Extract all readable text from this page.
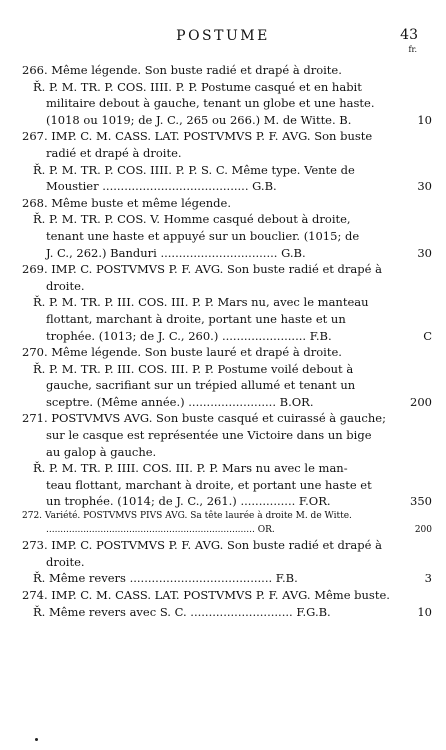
POSTUME	43
fr.
266. Même légende. Son buste radié et drapé à droite.
Ř. P. M. TR. P. COS. IIII. P. P. Postume casqué et en habit
militaire debout à gauche, tenant un globe et une haste.
(1018 ou 1019; de J. C., 265 ou 266.) M. de Witte. B.	10
267. IMP. C. M. CASS. LAT. POSTVMVS P. F. AVG. Son buste
radié et drapé à droite.
Ř. P. M. TR. P. COS. IIII. P. P. S. C. Même type. Vente de
Moustier ........................................ G.B.	30
268. Même buste et même légende.
Ř. P. M. TR. P. COS. V. Homme casqué debout à droite,
tenant une haste et appuyé sur un bouclier. (1015; de
J. C., 262.) Banduri ................................ G.B.	30
269. IMP. C. POSTVMVS P. F. AVG. Son buste radié et drapé à
droite.
Ř. P. M. TR. P. III. COS. III. P. P. Mars nu, avec le manteau
flottant, marchant à droite, portant une haste et un
trophée. (1013; de J. C., 260.) ....................... F.B.	C
270. Même légende. Son buste lauré et drapé à droite.
Ř. P. M. TR. P. III. COS. III. P. P. Postume voilé debout à
gauche, sacrifiant sur un trépied allumé et tenant un
sceptre. (Même année.) ........................ B.OR.	200
271. POSTVMVS AVG. Son buste casqué et cuirassé à gauche;
sur le casque est représentée une Victoire dans un bige
au galop à gauche.
Ř. P. M. TR. P. IIII. COS. III. P. P. Mars nu avec le man-
teau flottant, marchant à droite, et portant une haste et
un trophée. (1014; de J. C., 261.) ............... F.OR.	350
272. Variété. POSTVMVS PIVS AVG. Sa tête laurée à droite M. de Witte.
......................................................................... OR.	200
273. IMP. C. POSTVMVS P. F. AVG. Son buste radié et drapé à
droite.
Ř. Même revers ....................................... F.B.	3
274. IMP. C. M. CASS. LAT. POSTVMVS P. F. AVG. Même buste.
Ř. Même revers avec S. C. ............................ F.G.B.	10
